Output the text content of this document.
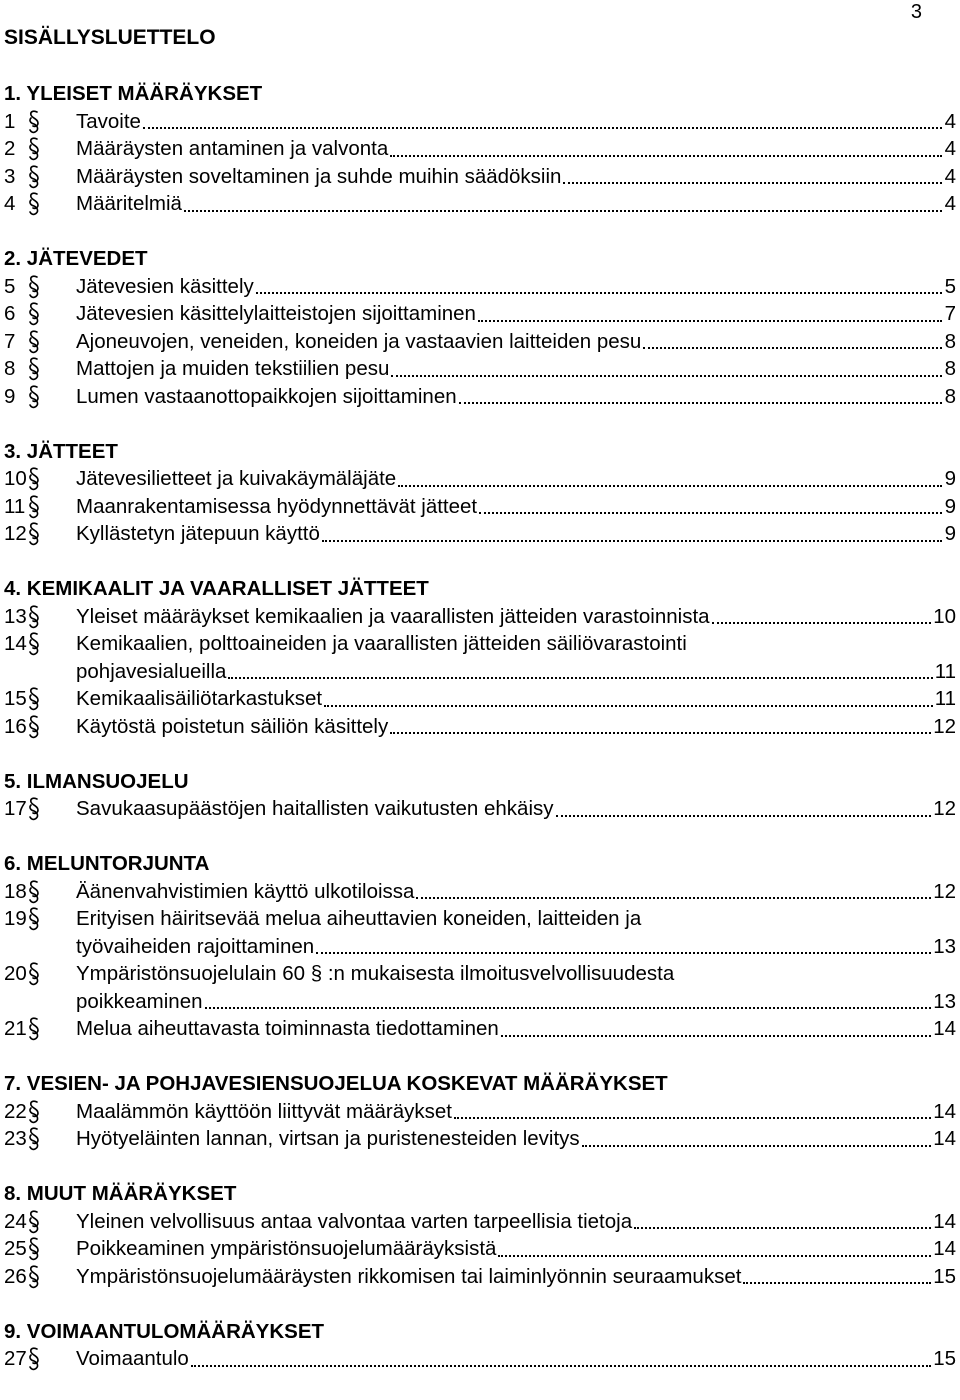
3
SISÄLLYSLUETTELO
1. YLEISET MÄÄRÄYKSET
1	Tavoite	4
2	Määräysten antaminen ja valvonta	4
3	Määräysten soveltaminen ja suhde muihin säädöksiin	4
4	Määritelmiä	4
2. JÄTEVEDET
5	Jätevesien käsittely	5
6	Jätevesien käsittelylaitteistojen sijoittaminen	7
7	Ajoneuvojen, veneiden, koneiden ja vastaavien laitteiden pesu	8
8	Mattojen ja muiden tekstiilien pesu	8
9	Lumen vastaanottopaikkojen sijoittaminen	8
3. JÄTTEET
10 Jätevesilietteet ja kuivakäymäläjäte	9
11 Maanrakentamisessa hyödynnettävät jätteet	9
12 Kyllästetyn jätepuun käyttö	9
4. KEMIKAALIT JA VAARALLISET JÄTTEET
13 Yleiset määräykset kemikaalien ja vaarallisten jätteiden varastoinnista	10
14 Kemikaalien, polttoaineiden ja vaarallisten jätteiden säiliövarastointi
pohjavesialueilla	11
15 Kemikaalisäiliötarkastukset	11
16 Käytöstä poistetun säiliön käsittely	12
5. ILMANSUOJELU
17 Savukaasupäästöjen haitallisten vaikutusten ehkäisy	12
6. MELUNTORJUNTA
18 Äänenvahvistimien käyttö ulkotiloissa	12
19 Erityisen häiritsevää melua aiheuttavien koneiden, laitteiden ja
työvaiheiden rajoittaminen	13
20 Ympäristönsuojelulain 60 § :n mukaisesta ilmoitusvelvollisuudesta
poikkeaminen	13
21 Melua aiheuttavasta toiminnasta tiedottaminen	14
7. VESIEN- JA POHJAVESIENSUOJELUA KOSKEVAT MÄÄRÄYKSET
22 Maalämmön käyttöön liittyvät määräykset	14
23 Hyötyeläinten lannan, virtsan ja puristenesteiden levitys	14
8. MUUT MÄÄRÄYKSET
24 Yleinen velvollisuus antaa valvontaa varten tarpeellisia tietoja	14
25 Poikkeaminen ympäristönsuojelumääräyksistä	14
26 Ympäristönsuojelumääräysten rikkomisen tai laiminlyönnin seuraamukset	15
9. VOIMAANTULOMÄÄRÄYKSET
27 Voimaantulo	15
